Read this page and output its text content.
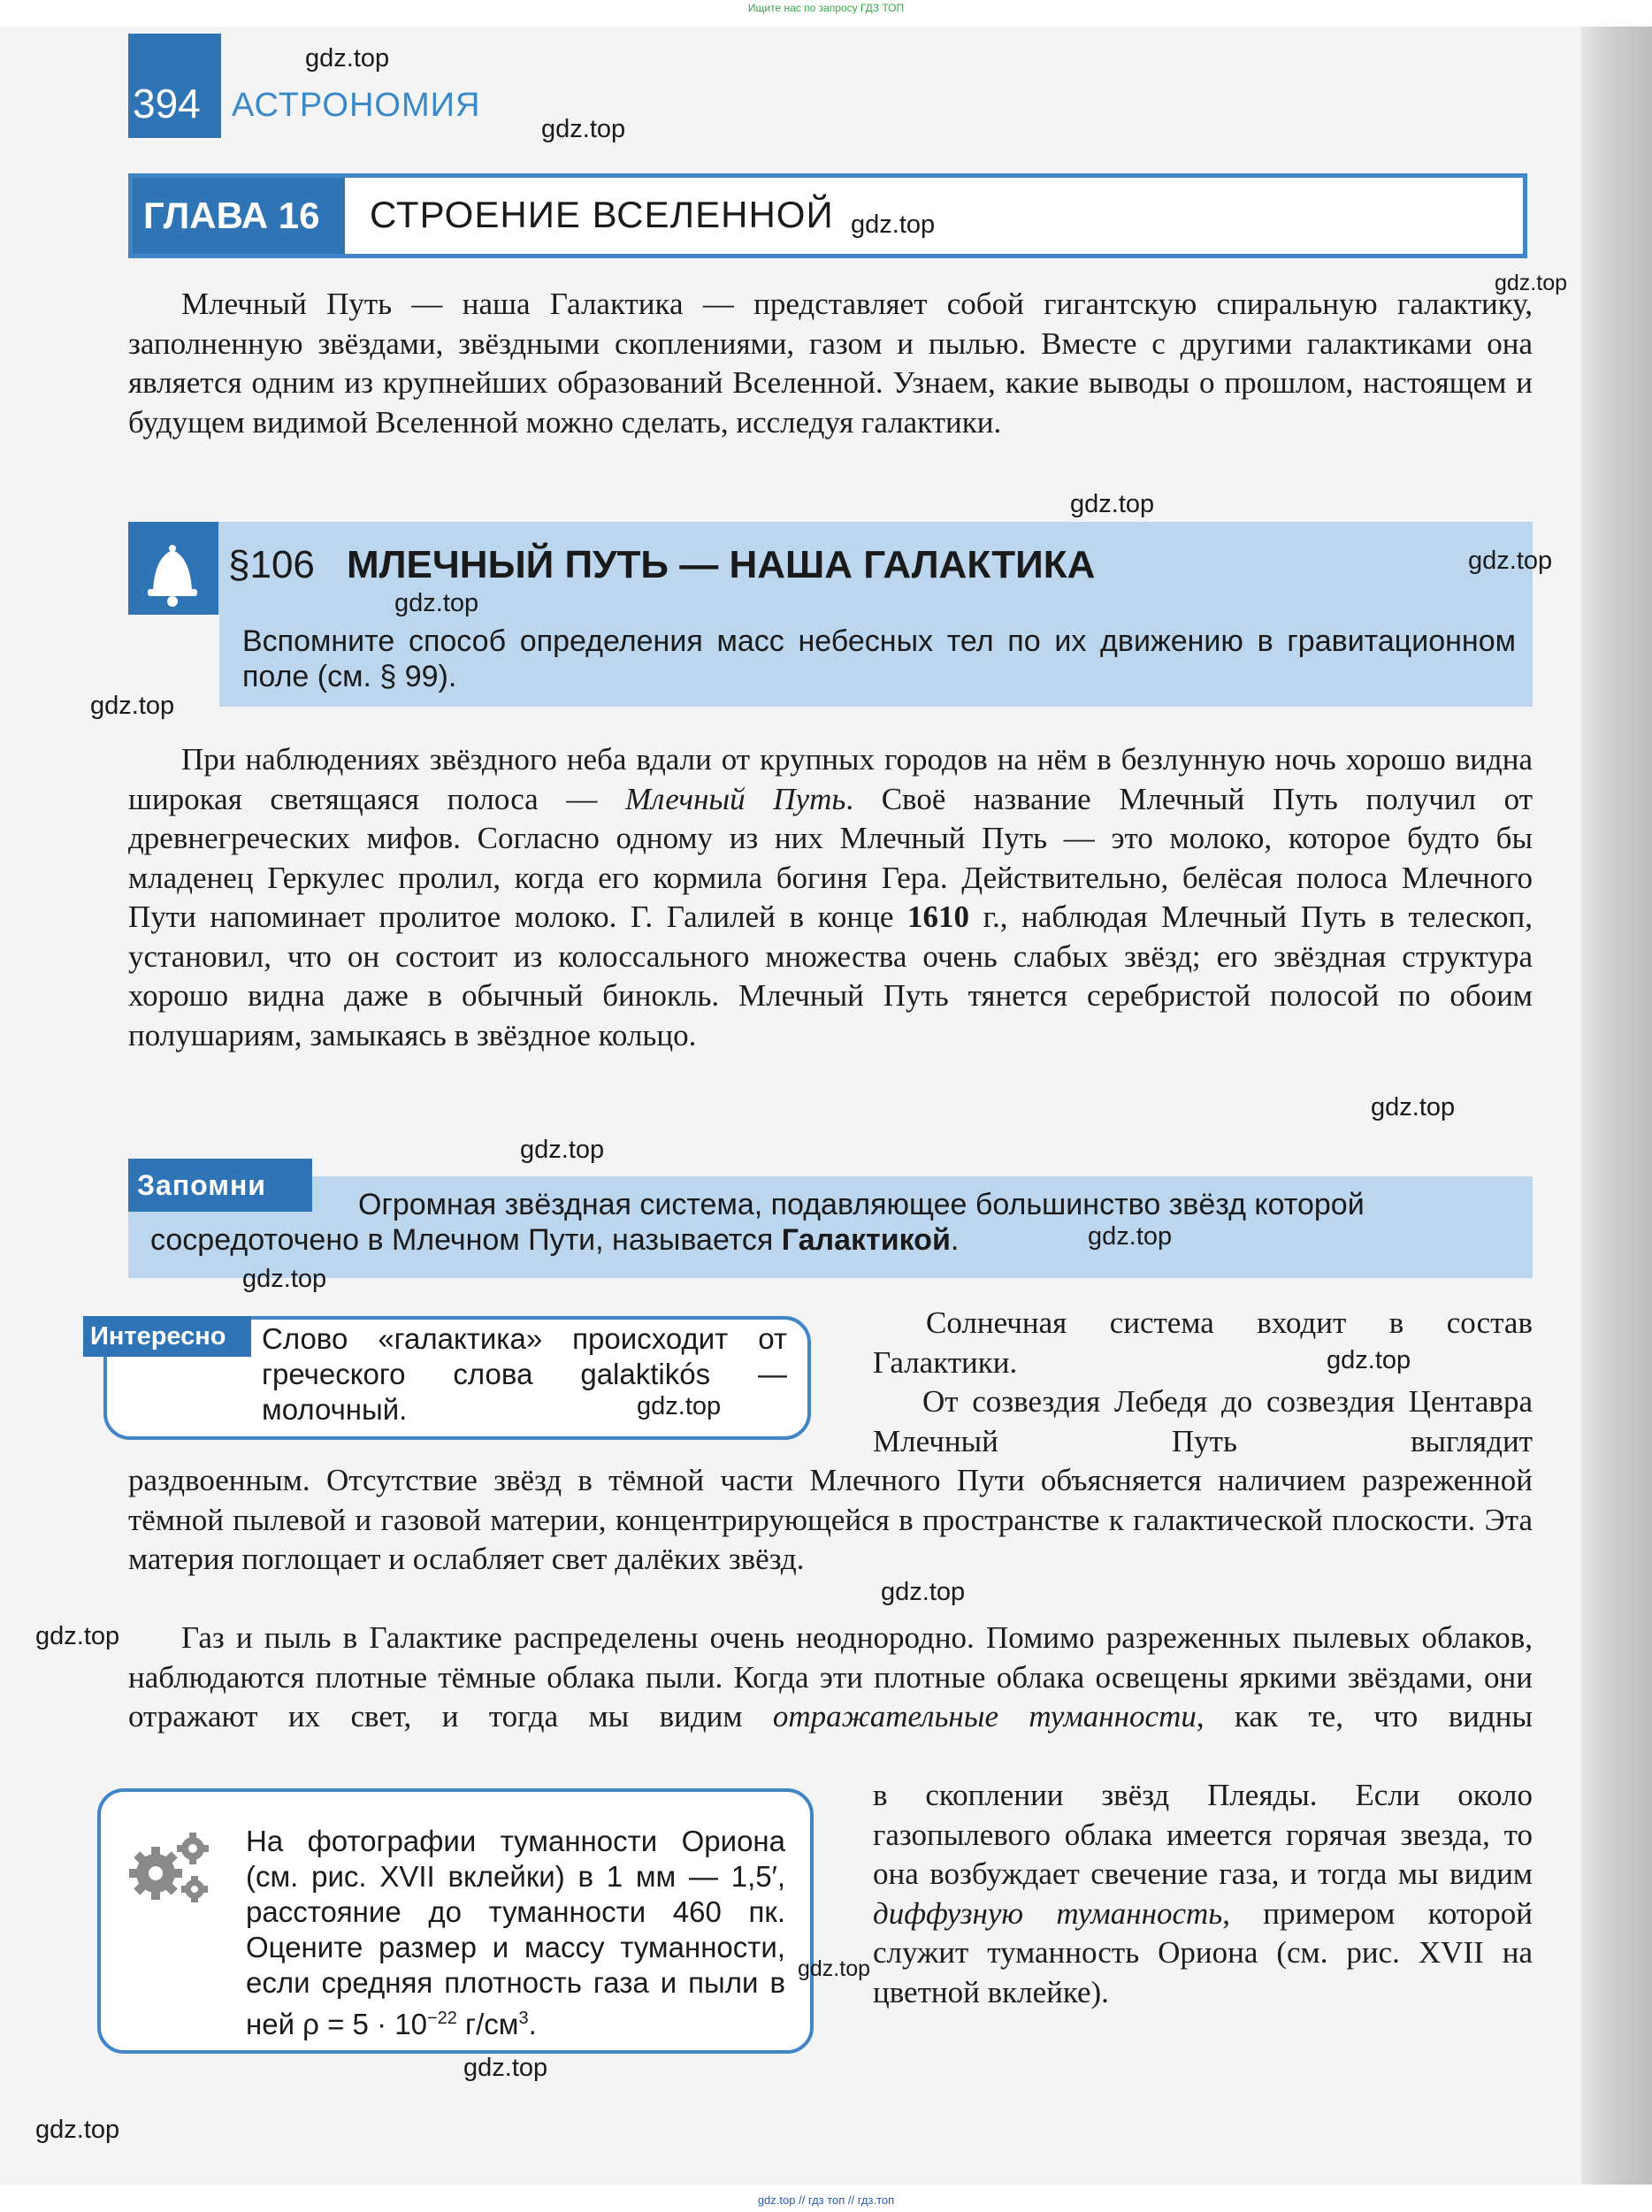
Ищите нас по запросу ГДЗ ТОП
394 АСТРОНОМИЯ
ГЛАВА 16	СТРОЕНИЕ ВСЕЛЕННОЙ
Млечный Путь — наша Галактика — представляет собой гигантскую спиральную галактику, заполненную звёздами, звёздными скоплениями, газом и пылью. Вместе с другими галактиками она является одним из крупнейших образований Вселенной. Узнаем, какие выводы о прошлом, настоящем и будущем видимой Вселенной можно сделать, исследуя галактики.
§106 МЛЕЧНЫЙ ПУТЬ — НАША ГАЛАКТИКА
Вспомните способ определения масс небесных тел по их движению в гравитационном поле (см. § 99).
При наблюдениях звёздного неба вдали от крупных городов на нём в безлунную ночь хорошо видна широкая светящаяся полоса — Млечный Путь. Своё название Млечный Путь получил от древнегреческих мифов. Согласно одному из них Млечный Путь — это молоко, которое будто бы младенец Геркулес пролил, когда его кормила богиня Гера. Действительно, белёсая полоса Млечного Пути напоминает пролитое молоко. Г. Галилей в конце 1610 г., наблюдая Млечный Путь в телескоп, установил, что он состоит из колоссального множества очень слабых звёзд; его звёздная структура хорошо видна даже в обычный бинокль. Млечный Путь тянется серебристой полосой по обоим полушариям, замыкаясь в звёздное кольцо.
Запомни
Огромная звёздная система, подавляющее большинство звёзд которой сосредоточено в Млечном Пути, называется Галактикой.
Интересно	Слово «галактика» происходит от греческого слова galaktikós — молочный.
Солнечная система входит в состав Галактики.
От созвездия Лебедя до созвездия Центавра Млечный Путь выглядит
раздвоенным. Отсутствие звёзд в тёмной части Млечного Пути объясняется наличием разреженной тёмной пылевой и газовой материи, концентрирующейся в пространстве к галактической плоскости. Эта материя поглощает и ослабляет свет далёких звёзд.
Газ и пыль в Галактике распределены очень неоднородно. Помимо разреженных пылевых облаков, наблюдаются плотные тёмные облака пыли. Когда эти плотные облака освещены яркими звёздами, они отражают их свет, и тогда мы видим отражательные туманности, как те, что видны
в скоплении звёзд Плеяды. Если около газопылевого облака имеется горячая звезда, то она возбуждает свечение газа, и тогда мы видим диффузную туманность, примером которой служит туманность Ориона (см. рис. XVII на цветной вклейке).
На фотографии туманности Ориона (см. рис. XVII вклейки) в 1 мм — 1,5′, расстояние до туманности 460 пк. Оцените размер и массу туманности, если средняя плотность газа и пыли в ней $\rho = 5 \cdot 10^{-22}$ $г/см^3$.
gdz.top
gdz.top
gdz.top
gdz.top
gdz.top
gdz.top
gdz.top
gdz.top
gdz.top
gdz.top
gdz.top
gdz.top
gdz.top
gdz.top
gdz.top
gdz.top
gdz.top
gdz.top
gdz.top
gdz.top // гдз топ // гдз.топ
